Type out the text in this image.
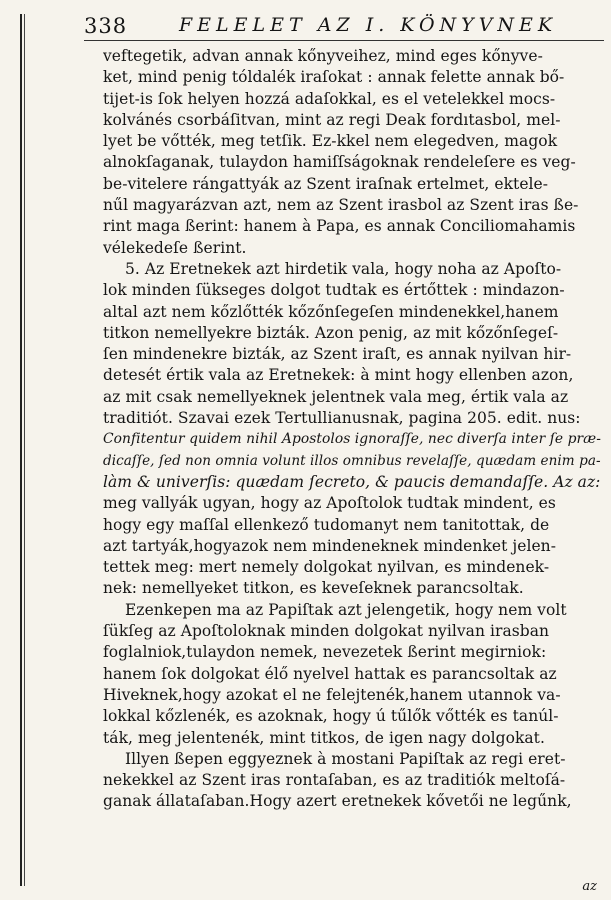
338	FELELET AZ I. KÖNYVNEK
veftegetik, advan annak kőnyveihez, mind eges kőnyve-
ket, mind penig tóldalék iraſokat : annak felette annak bő-
tijet-is ſok helyen hozzá adaſokkal, es el vetelekkel mocs-
kolvánés csorbáſitvan, mint az regi Deak fordıtasbol, mel-
lyet be vőtték, meg tetſik. Ez-kkel nem elegedven, magok
alnokſaganak, tulaydon hamiſſságoknak rendeleſere es veg-
be-vitelere rángattyák az Szent iraſnak ertelmet, ektele-
nűl magyarázvan azt, nem az Szent irasbol az Szent iras ße-
rint maga ßerint: hanem à Papa, es annak Conciliomahamis
vélekedeſe ßerint.
5. Az Eretnekek azt hirdetik vala, hogy noha az Apoſto-
lok minden ſükseges dolgot tudtak es értőttek : mindazon-
altal azt nem kőzlőtték kőzőnſegeſen mindenekkel,hanem
titkon nemellyekre bizták. Azon penig, az mit kőzőnſegeſ-
ſen mindenekre bizták, az Szent iraſt, es annak nyilvan hir-
detesét értik vala az Eretnekek: à mint hogy ellenben azon,
az mit csak nemellyeknek jelentnek vala meg, értik vala az
traditiót. Szavai ezek Tertullianusnak, pagina 205. edit. nus:
Confitentur quidem nihil Apostolos ignoraſſe, nec diverſa inter ſe præ-
dicaſſe, ſed non omnia volunt illos omnibus revelaſſe, quædam enim pa-
làm & univerſis: quædam ſecreto, & paucis demandaſſe. Az az:
meg vallyák ugyan, hogy az Apoſtolok tudtak mindent, es
hogy egy maſſal ellenkező tudomanyt nem tanitottak, de
azt tartyák,hogyazok nem mindeneknek mindenket jelen-
tettek meg: mert nemely dolgokat nyilvan, es mindenek-
nek: nemellyeket titkon, es keveſeknek parancsoltak.
Ezenkepen ma az Papiſtak azt jelengetik, hogy nem volt
ſükſeg az Apoſtoloknak minden dolgokat nyilvan irasban
foglalniok,tulaydon nemek, nevezetek ßerint megirniok:
hanem ſok dolgokat élő nyelvel hattak es parancsoltak az
Hiveknek,hogy azokat el ne felejtenék,hanem utannok va-
lokkal kőzlenék, es azoknak, hogy ú tűlők vőtték es tanúl-
ták, meg jelentenék, mint titkos, de igen nagy dolgokat.
Illyen ßepen eggyeznek à mostani Papiſtak az regi eret-
nekekkel az Szent iras rontaſaban, es az traditiók meltoſá-
ganak állataſaban.Hogy azert eretnekek kővetői ne legűnk,
az
